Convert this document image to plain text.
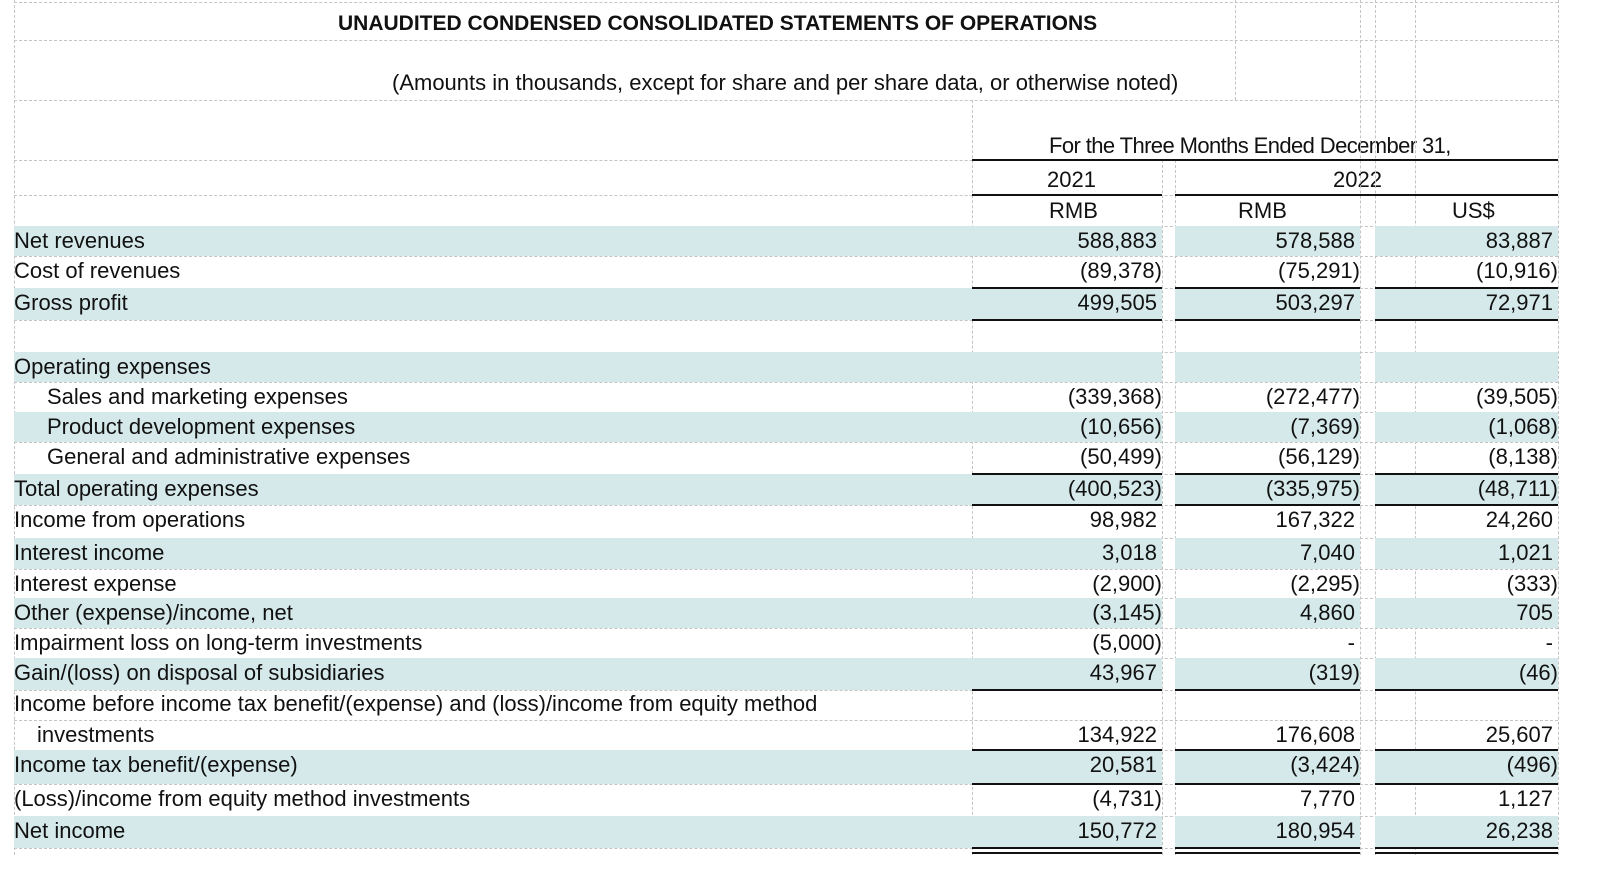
UNAUDITED CONDENSED CONSOLIDATED STATEMENTS OF OPERATIONS
(Amounts in thousands, except for share and per share data, or otherwise noted)
For the Three Months Ended December 31,
2021	2022
RMB	RMB	US$
Net revenues	588,883	578,588	83,887
Cost of revenues	(89,378)	(75,291)	(10,916)
Gross profit	499,505	503,297	72,971
Operating expenses
Sales and marketing expenses	(339,368)	(272,477)	(39,505)
Product development expenses	(10,656)	(7,369)	(1,068)
General and administrative expenses	(50,499)	(56,129)	(8,138)
Total operating expenses	(400,523)	(335,975)	(48,711)
Income from operations	98,982	167,322	24,260
Interest income	3,018	7,040	1,021
Interest expense	(2,900)	(2,295)	(333)
Other (expense)/income, net	(3,145)	4,860	705
Impairment loss on long-term investments	(5,000)	-	-
Gain/(loss) on disposal of subsidiaries	43,967	(319)	(46)
Income before income tax benefit/(expense) and (loss)/income from equity method
investments	134,922	176,608	25,607
Income tax benefit/(expense)	20,581	(3,424)	(496)
(Loss)/income from equity method investments	(4,731)	7,770	1,127
Net income	150,772	180,954	26,238
